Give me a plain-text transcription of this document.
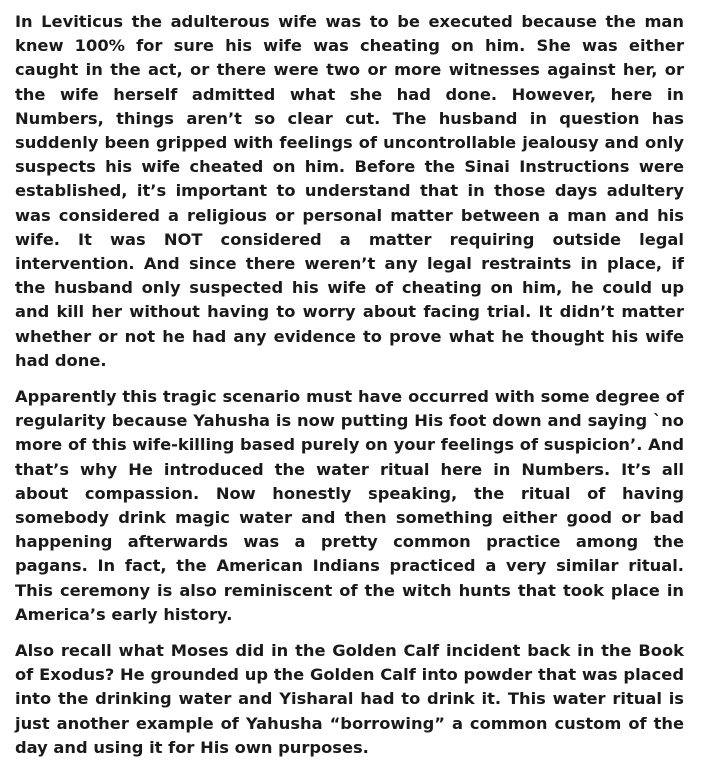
In Leviticus the adulterous wife was to be executed because the man knew 100% for sure his wife was cheating on him. She was either caught in the act, or there were two or more witnesses against her, or the wife herself admitted what she had done. However, here in Numbers, things aren’t so clear cut. The husband in question has suddenly been gripped with feelings of uncontrollable jealousy and only suspects his wife cheated on him. Before the Sinai Instructions were established, it’s important to understand that in those days adultery was considered a religious or personal matter between a man and his wife. It was NOT considered a matter requiring outside legal intervention. And since there weren’t any legal restraints in place, if the husband only suspected his wife of cheating on him, he could up and kill her without having to worry about facing trial. It didn’t matter whether or not he had any evidence to prove what he thought his wife had done.

Apparently this tragic scenario must have occurred with some degree of regularity because Yahusha is now putting His foot down and saying `no more of this wife-killing based purely on your feelings of suspicion’. And that’s why He introduced the water ritual here in Numbers. It’s all about compassion. Now honestly speaking, the ritual of having somebody drink magic water and then something either good or bad happening afterwards was a pretty common practice among the pagans. In fact, the American Indians practiced a very similar ritual. This ceremony is also reminiscent of the witch hunts that took place in America’s early history.

Also recall what Moses did in the Golden Calf incident back in the Book of Exodus? He grounded up the Golden Calf into powder that was placed into the drinking water and Yisharal had to drink it. This water ritual is just another example of Yahusha “borrowing” a common custom of the day and using it for His own purposes.
